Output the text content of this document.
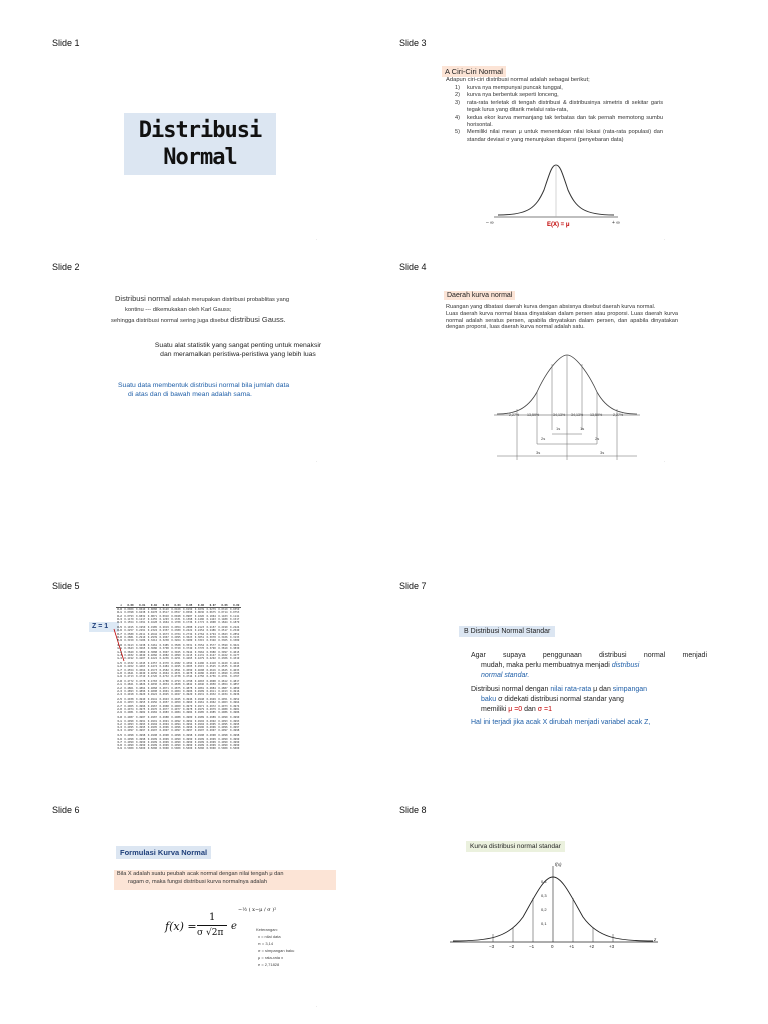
Slide 1	Slide 3
Slide 2	Slide 4
Slide 5	Slide 7
Slide 6	Slide 8
Distribusi
Normal
·
Distribusi normal adalah merupakan distribusi probablitas yang
kontinu --- dikemukakan oleh Karl Gauss;
sehingga distribusi normal sering juga disebut distribusi Gauss.
Suatu alat statistik yang sangat penting untuk menaksir
dan meramalkan peristiwa-peristiwa yang lebih luas
Suatu data membentuk distribusi normal bila jumlah data
di atas dan di bawah mean adalah sama.
·
A Ciri-Ciri Normal
Adapun ciri-ciri distribusi normal adalah sebagai berikut;
1)	kurva nya mempunyai puncak tunggal,
2)	kurva nya berbentuk seperti lonceng,
3)	rata-rata terletak di tengah distribusi & distribusinya simetris di sekitar garis tegak lurus yang ditarik melalui rata-rata,
4)	kedua ekor kurva memanjang tak terbatas dan tak pernah memotong sumbu horisontal.
5)	Memiliki nilai mean μ untuk menentukan nilai lokasi (rata-rata populasi) dan standar deviasi σ yang menunjukan dispersi (penyebaran data)
– ∞	+ ∞
E(X) = μ
·
Daerah kurva normal
Ruangan yang dibatasi daerah kurva dengan absisnya disebut daerah kurva normal.
Luas daerah kurva normal biasa dinyatakan dalam persen atau proporsi. Luas daerah kurva normal adalah seratus persen, apabila dinyatakan dalam persen, dan apabila dinyatakan dengan proporsi, luas daerah kurva normal adalah satu.
2,27% 13,59%	34,13% 34,13% 13,59%	2,27%
1s	1s
2s	2s
3s	3s
·
Z = 1
z	0.00	0.01	0.02	0.03	0.04	0.05	0.06	0.07	0.08	0.09
0.0	0.0000	0.0040	0.0080	0.0120	0.0160	0.0199	0.0239	0.0279	0.0319	0.0359
0.1	0.0398	0.0438	0.0478	0.0517	0.0557	0.0596	0.0636	0.0675	0.0714	0.0753
0.2	0.0793	0.0832	0.0871	0.0910	0.0948	0.0987	0.1026	0.1064	0.1103	0.1141
0.3	0.1179	0.1217	0.1255	0.1293	0.1331	0.1368	0.1406	0.1443	0.1480	0.1517
0.4	0.1554	0.1591	0.1628	0.1664	0.1700	0.1736	0.1772	0.1808	0.1844	0.1879

0.5	0.1915	0.1950	0.1985	0.2019	0.2054	0.2088	0.2123	0.2157	0.2190	0.2224
0.6	0.2257	0.2291	0.2324	0.2357	0.2389	0.2422	0.2454	0.2486	0.2517	0.2549
0.7	0.2580	0.2611	0.2642	0.2673	0.2704	0.2734	0.2764	0.2794	0.2823	0.2852
0.8	0.2881	0.2910	0.2939	0.2967	0.2995	0.3023	0.3051	0.3078	0.3106	0.3133
0.9	0.3159	0.3186	0.3212	0.3238	0.3264	0.3289	0.3315	0.3340	0.3365	0.3389

1.0	0.3413	0.3438	0.3461	0.3485	0.3508	0.3531	0.3554	0.3577	0.3599	0.3621
1.1	0.3643	0.3665	0.3686	0.3708	0.3729	0.3749	0.3770	0.3790	0.3810	0.3830
1.2	0.3849	0.3869	0.3888	0.3907	0.3925	0.3944	0.3962	0.3980	0.3997	0.4015
1.3	0.4032	0.4049	0.4066	0.4082	0.4099	0.4115	0.4131	0.4147	0.4162	0.4177
1.4	0.4192	0.4207	0.4222	0.4236	0.4251	0.4265	0.4279	0.4292	0.4306	0.4319

1.5	0.4332	0.4345	0.4357	0.4370	0.4382	0.4394	0.4406	0.4418	0.4429	0.4441
1.6	0.4452	0.4463	0.4474	0.4484	0.4495	0.4505	0.4515	0.4525	0.4535	0.4545
1.7	0.4554	0.4564	0.4573	0.4582	0.4591	0.4599	0.4608	0.4616	0.4625	0.4633
1.8	0.4641	0.4649	0.4656	0.4664	0.4671	0.4678	0.4686	0.4693	0.4699	0.4706
1.9	0.4713	0.4719	0.4726	0.4732	0.4738	0.4744	0.4750	0.4756	0.4761	0.4767

2.0	0.4772	0.4778	0.4783	0.4788	0.4793	0.4798	0.4803	0.4808	0.4812	0.4817
2.1	0.4821	0.4826	0.4830	0.4834	0.4838	0.4842	0.4846	0.4850	0.4854	0.4857
2.2	0.4861	0.4864	0.4868	0.4871	0.4875	0.4878	0.4881	0.4884	0.4887	0.4890
2.3	0.4893	0.4896	0.4898	0.4901	0.4904	0.4906	0.4909	0.4911	0.4913	0.4916
2.4	0.4918	0.4920	0.4922	0.4925	0.4927	0.4929	0.4931	0.4932	0.4934	0.4936

2.5	0.4938	0.4940	0.4941	0.4943	0.4945	0.4946	0.4948	0.4949	0.4951	0.4952
2.6	0.4953	0.4955	0.4956	0.4957	0.4959	0.4960	0.4961	0.4962	0.4963	0.4964
2.7	0.4965	0.4966	0.4967	0.4968	0.4969	0.4970	0.4971	0.4972	0.4973	0.4974
2.8	0.4974	0.4975	0.4976	0.4977	0.4977	0.4978	0.4979	0.4979	0.4980	0.4981
2.9	0.4981	0.4982	0.4982	0.4983	0.4984	0.4984	0.4985	0.4985	0.4986	0.4986

3.0	0.4987	0.4987	0.4987	0.4988	0.4988	0.4989	0.4989	0.4989	0.4990	0.4990
3.1	0.4990	0.4991	0.4991	0.4991	0.4992	0.4992	0.4992	0.4992	0.4993	0.4993
3.2	0.4993	0.4993	0.4994	0.4994	0.4994	0.4994	0.4994	0.4995	0.4995	0.4995
3.3	0.4995	0.4995	0.4995	0.4996	0.4996	0.4996	0.4996	0.4996	0.4996	0.4997
3.4	0.4997	0.4997	0.4997	0.4997	0.4997	0.4997	0.4997	0.4997	0.4997	0.4998

3.5	0.4998	0.4998	0.4998	0.4998	0.4998	0.4998	0.4998	0.4998	0.4998	0.4998
3.6	0.4998	0.4998	0.4999	0.4999	0.4999	0.4999	0.4999	0.4999	0.4999	0.4999
3.7	0.4999	0.4999	0.4999	0.4999	0.4999	0.4999	0.4999	0.4999	0.4999	0.4999
3.8	0.4999	0.4999	0.4999	0.4999	0.4999	0.4999	0.4999	0.4999	0.4999	0.4999
3.9	0.5000	0.5000	0.5000	0.5000	0.5000	0.5000	0.5000	0.5000	0.5000	0.5000
B Distribusi Normal Standar
Agar supaya penggunaan distribusi normal menjadi
mudah, maka perlu membuatnya menjadi distribusi
normal standar.
Distribusi normal dengan nilai rata-rata μ dan simpangan
baku σ didekati distribusi normal standar yang
memiliki μ =0 dan σ =1
Hal ini terjadi jika acak X dirubah menjadi variabel acak Z,
Formulasi Kurva Normal
Bila X adalah suatu peubah acak normal dengan nilai tengah μ dan
ragam σ, maka fungsi distribusi kurva normalnya adalah
f(x) =
1
σ √2π
e
−½ ( x−μ / σ )²
Keterangan:
x = nilai data
π = 3,14
σ = simpangan baku
μ = rata-rata x
e = 2,71828
·
Kurva distribusi normal standar
f(x)
z
0,4
0,3
0,2
0,1
−3	−2	−1	0	+1	+2	+3
